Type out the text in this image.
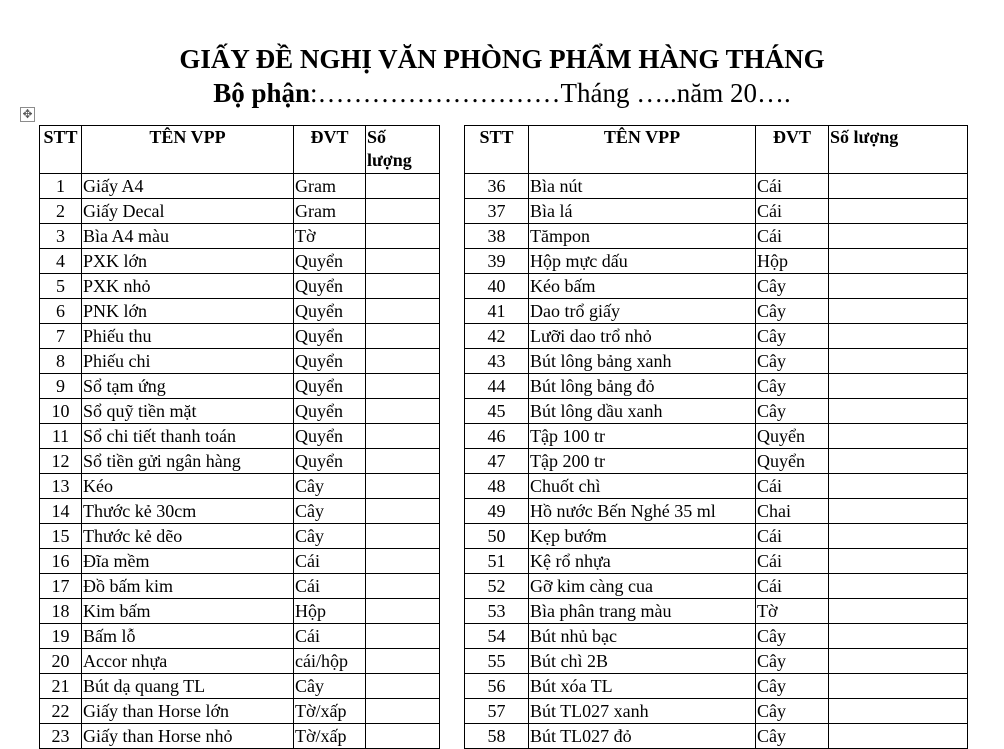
GIẤY ĐỀ NGHỊ VĂN PHÒNG PHẨM HÀNG THÁNG
Bộ phận:………………………Tháng …..năm 20….
✥
STT	TÊN VPP	ĐVT	Số
lượng
1	Giấy A4	Gram	
2	Giấy Decal	Gram	
3	Bìa A4 màu	Tờ	
4	PXK lớn	Quyển	
5	PXK nhỏ	Quyển	
6	PNK lớn	Quyển	
7	Phiếu thu	Quyển	
8	Phiếu chi	Quyển	
9	Sổ tạm ứng	Quyển	
10	Sổ quỹ tiền mặt	Quyển	
11	Sổ chi tiết thanh toán	Quyển	
12	Sổ tiền gửi ngân hàng	Quyển	
13	Kéo	Cây	
14	Thước kẻ 30cm	Cây	
15	Thước kẻ dẽo	Cây	
16	Đĩa mềm	Cái	
17	Đồ bấm kim	Cái	
18	Kim bấm	Hộp	
19	Bấm lỗ	Cái	
20	Accor nhựa	cái/hộp	
21	Bút dạ quang TL	Cây	
22	Giấy than Horse lớn	Tờ/xấp	
23	Giấy than Horse nhỏ	Tờ/xấp	
STT	TÊN VPP	ĐVT	Số lượng
36	Bìa nút	Cái	
37	Bìa lá	Cái	
38	Tămpon	Cái	
39	Hộp mực dấu	Hộp	
40	Kéo bấm	Cây	
41	Dao trổ giấy	Cây	
42	Lưỡi dao trổ nhỏ	Cây	
43	Bút lông bảng xanh	Cây	
44	Bút lông bảng đỏ	Cây	
45	Bút lông dầu xanh	Cây	
46	Tập 100 tr	Quyển	
47	Tập 200 tr	Quyển	
48	Chuốt chì	Cái	
49	Hồ nước Bến Nghé 35 ml	Chai	
50	Kẹp bướm	Cái	
51	Kệ rổ nhựa	Cái	
52	Gỡ kim càng cua	Cái	
53	Bìa phân trang màu	Tờ	
54	Bút nhủ bạc	Cây	
55	Bút chì 2B	Cây	
56	Bút xóa TL	Cây	
57	Bút TL027 xanh	Cây	
58	Bút TL027 đỏ	Cây	
